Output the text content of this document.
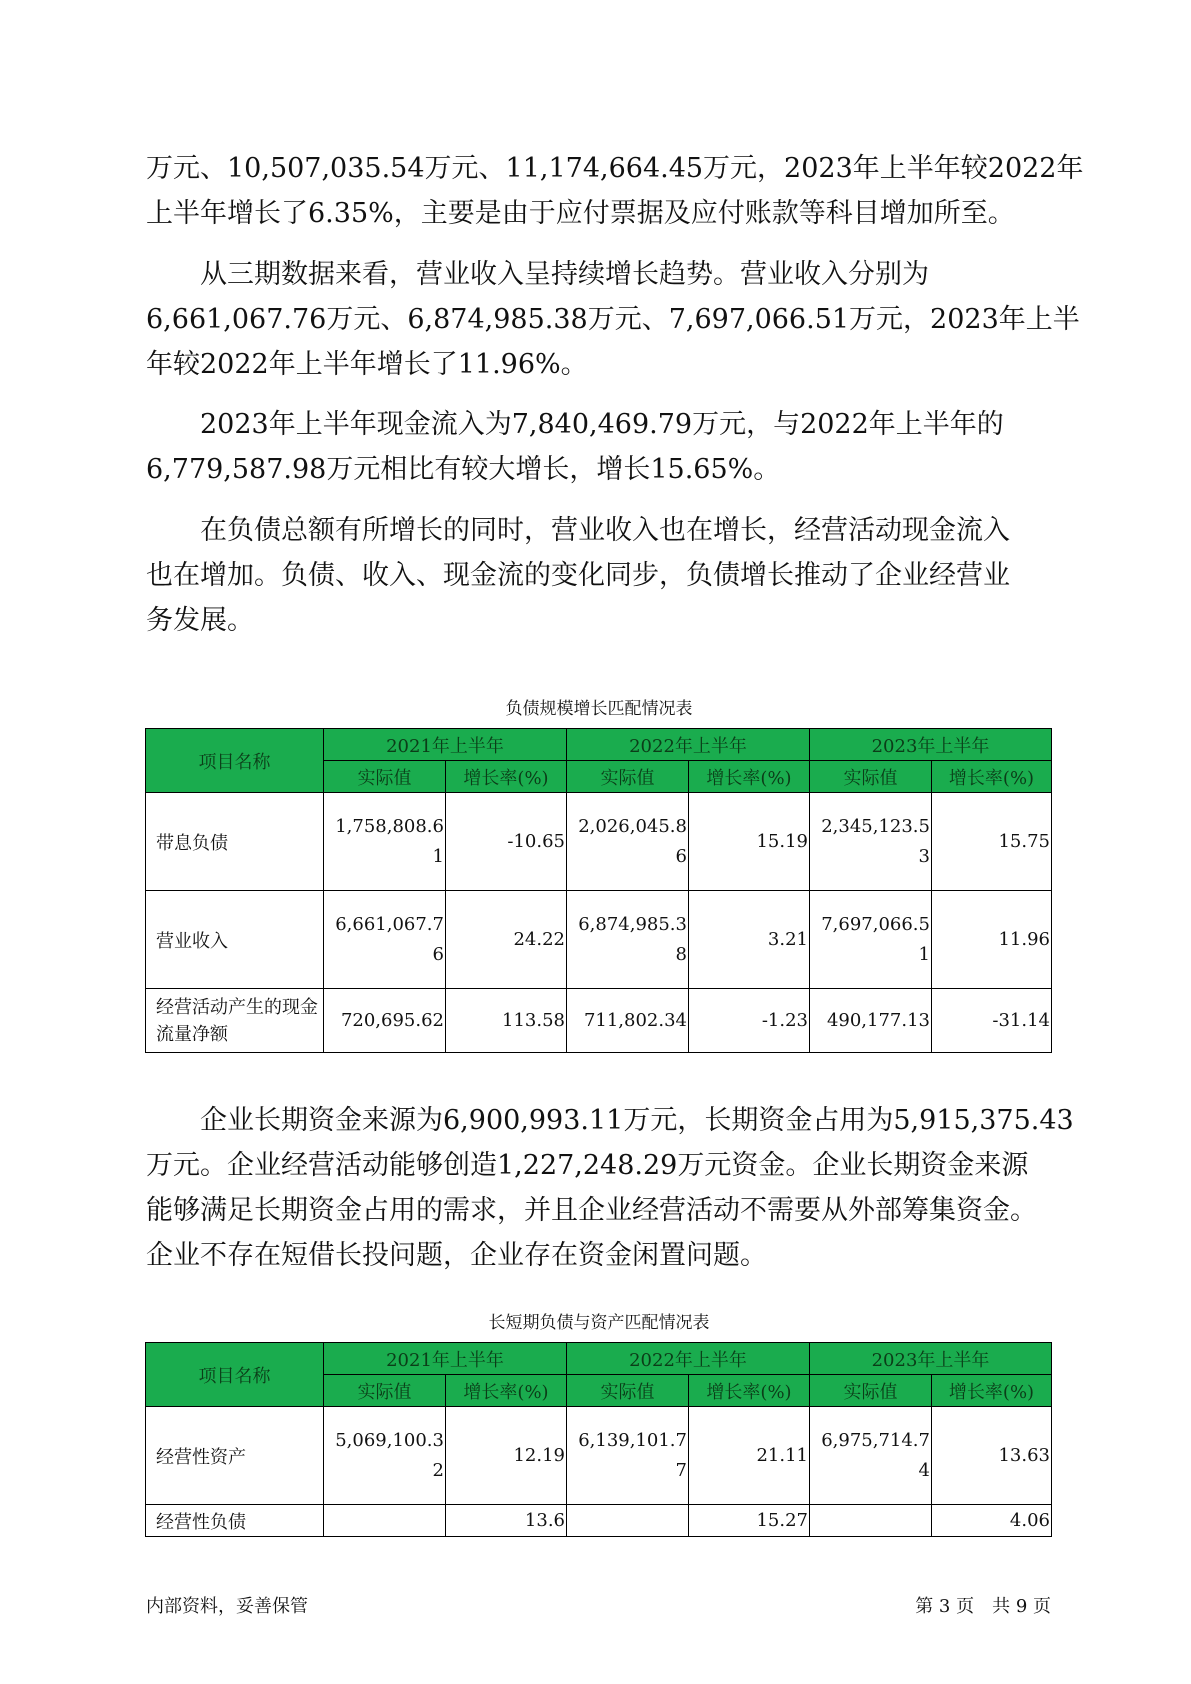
万元、10,507,035.54万元、11,174,664.45万元，2023年上半年较2022年
上半年增长了6.35%，主要是由于应付票据及应付账款等科目增加所至。
　　从三期数据来看，营业收入呈持续增长趋势。营业收入分别为
6,661,067.76万元、6,874,985.38万元、7,697,066.51万元，2023年上半
年较2022年上半年增长了11.96%。
　　2023年上半年现金流入为7,840,469.79万元，与2022年上半年的
6,779,587.98万元相比有较大增长，增长15.65%。
　　在负债总额有所增长的同时，营业收入也在增长，经营活动现金流入
也在增加。负债、收入、现金流的变化同步，负债增长推动了企业经营业
务发展。
负债规模增长匹配情况表
项目名称	2021年上半年		2022年上半年		2023年上半年	
	实际值	增长率(%)	实际值	增长率(%)	实际值	增长率(%)
带息负债	1,758,808.61	-10.65	2,026,045.86	15.19	2,345,123.53	15.75
营业收入	6,661,067.76	24.22	6,874,985.38	3.21	7,697,066.51	11.96
经营活动产生的现金流量净额	720,695.62	113.58	711,802.34	-1.23	490,177.13	-31.14
　　企业长期资金来源为6,900,993.11万元，长期资金占用为5,915,375.43
万元。企业经营活动能够创造1,227,248.29万元资金。企业长期资金来源
能够满足长期资金占用的需求，并且企业经营活动不需要从外部筹集资金。
企业不存在短借长投问题，企业存在资金闲置问题。
长短期负债与资产匹配情况表
项目名称	2021年上半年		2022年上半年		2023年上半年	
	实际值	增长率(%)	实际值	增长率(%)	实际值	增长率(%)
经营性资产	5,069,100.32	12.19	6,139,101.77	21.11	6,975,714.74	13.63
经营性负债		13.6		15.27		4.06
内部资料，妥善保管	第 3 页　共 9 页
